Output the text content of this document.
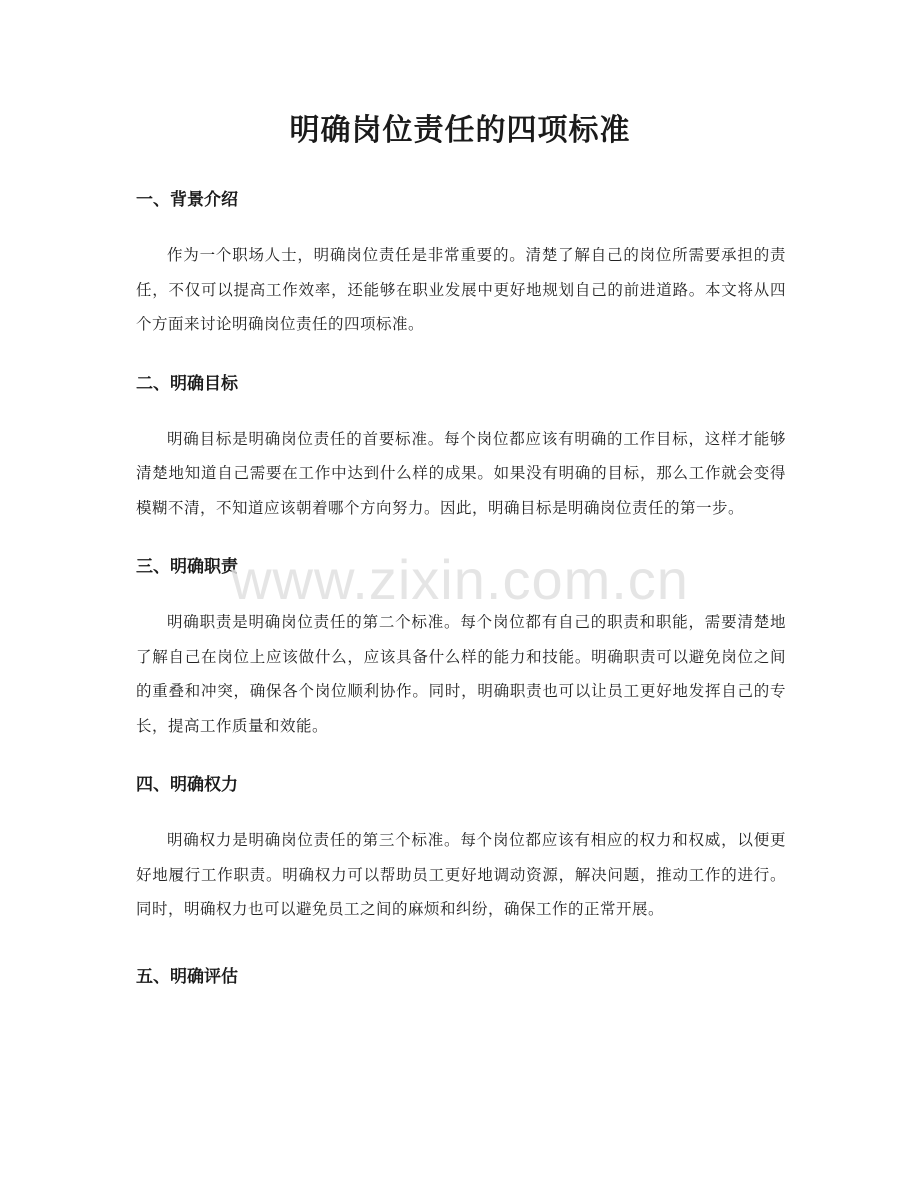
明确岗位责任的四项标准
一、背景介绍

作为一个职场人士，明确岗位责任是非常重要的。清楚了解自己的岗位所需要承担的责任，不仅可以提高工作效率，还能够在职业发展中更好地规划自己的前进道路。本文将从四个方面来讨论明确岗位责任的四项标准。

二、明确目标

明确目标是明确岗位责任的首要标准。每个岗位都应该有明确的工作目标，这样才能够清楚地知道自己需要在工作中达到什么样的成果。如果没有明确的目标，那么工作就会变得模糊不清，不知道应该朝着哪个方向努力。因此，明确目标是明确岗位责任的第一步。

三、明确职责

明确职责是明确岗位责任的第二个标准。每个岗位都有自己的职责和职能，需要清楚地了解自己在岗位上应该做什么，应该具备什么样的能力和技能。明确职责可以避免岗位之间的重叠和冲突，确保各个岗位顺利协作。同时，明确职责也可以让员工更好地发挥自己的专长，提高工作质量和效能。

四、明确权力

明确权力是明确岗位责任的第三个标准。每个岗位都应该有相应的权力和权威，以便更好地履行工作职责。明确权力可以帮助员工更好地调动资源，解决问题，推动工作的进行。同时，明确权力也可以避免员工之间的麻烦和纠纷，确保工作的正常开展。

五、明确评估
www.zixin.com.cn
